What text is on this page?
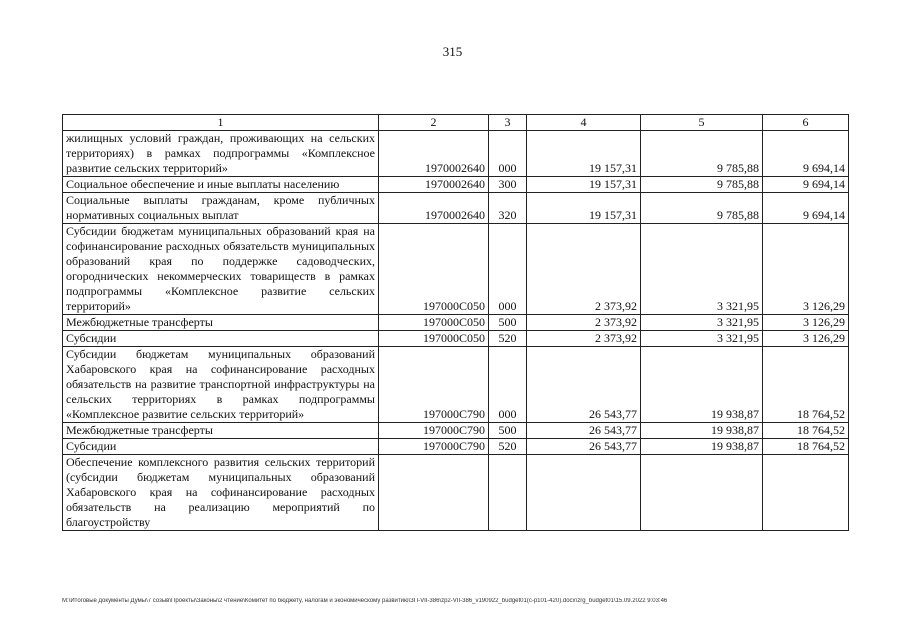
315
1	2	3	4	5	6
жилищных условий граждан, проживающих на сельских территориях) в рамках подпрограммы «Комплексное развитие сельских территорий»	1970002640	000	19 157,31	9 785,88	9 694,14
Социальное обеспечение и иные выплаты населению	1970002640	300	19 157,31	9 785,88	9 694,14
Социальные выплаты гражданам, кроме публичных нормативных социальных выплат	1970002640	320	19 157,31	9 785,88	9 694,14
Субсидии бюджетам муниципальных образований края на софинансирование расходных обязательств муниципальных образований края по поддержке садоводческих, огороднических некоммерческих товариществ в рамках подпрограммы «Комплексное развитие сельских территорий»	197000С050	000	2 373,92	3 321,95	3 126,29
Межбюджетные трансферты	197000С050	500	2 373,92	3 321,95	3 126,29
Субсидии	197000С050	520	2 373,92	3 321,95	3 126,29
Субсидии бюджетам муниципальных образований Хабаровского края на софинансирование расходных обязательств на развитие транспортной инфраструктуры на сельских территориях в рамках подпрограммы «Комплексное развитие сельских территорий»	197000С790	000	26 543,77	19 938,87	18 764,52
Межбюджетные трансферты	197000С790	500	26 543,77	19 938,87	18 764,52
Субсидии	197000С790	520	26 543,77	19 938,87	18 764,52
Обеспечение комплексного развития сельских территорий (субсидии бюджетам муниципальных образований Хабаровского края на софинансирование расходных обязательств на реализацию мероприятий по благоустройству					
M:\Итоговые документы Думы\7 созыв\Проекты\Законы\2 чтение\Комитет по бюджету, налогам и экономическому развитию\ЗП-VII-386\zp2-VII-386_v190922_budget01(с-p101-420).docx\zrg_budget01\15.09.2022 9:03:46
